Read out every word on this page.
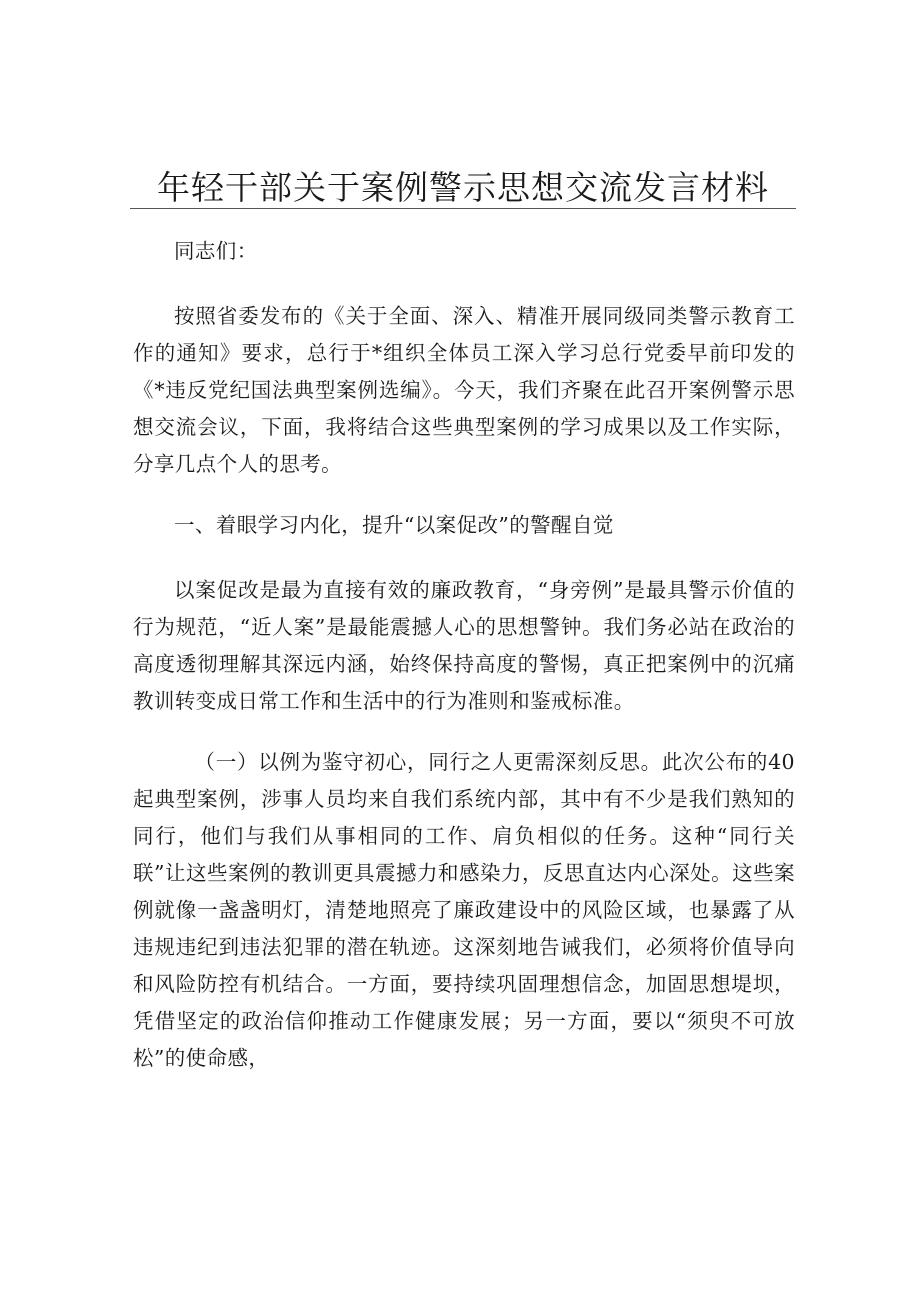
年轻干部关于案例警示思想交流发言材料

同志们：

按照省委发布的《关于全面、深入、精准开展同级同类警示教育工作的通知》要求，总行于*组织全体员工深入学习总行党委早前印发的《*违反党纪国法典型案例选编》。今天，我们齐聚在此召开案例警示思想交流会议，下面，我将结合这些典型案例的学习成果以及工作实际，分享几点个人的思考。

一、着眼学习内化，提升“以案促改”的警醒自觉

以案促改是最为直接有效的廉政教育，“身旁例”是最具警示价值的行为规范，“近人案”是最能震撼人心的思想警钟。我们务必站在政治的高度透彻理解其深远内涵，始终保持高度的警惕，真正把案例中的沉痛教训转变成日常工作和生活中的行为准则和鉴戒标准。

（一）以例为鉴守初心，同行之人更需深刻反思。此次公布的40起典型案例，涉事人员均来自我们系统内部，其中有不少是我们熟知的同行，他们与我们从事相同的工作、肩负相似的任务。这种“同行关联”让这些案例的教训更具震撼力和感染力，反思直达内心深处。这些案例就像一盏盏明灯，清楚地照亮了廉政建设中的风险区域，也暴露了从违规违纪到违法犯罪的潜在轨迹。这深刻地告诫我们，必须将价值导向和风险防控有机结合。一方面，要持续巩固理想信念，加固思想堤坝，凭借坚定的政治信仰推动工作健康发展；另一方面，要以“须臾不可放松”的使命感，
